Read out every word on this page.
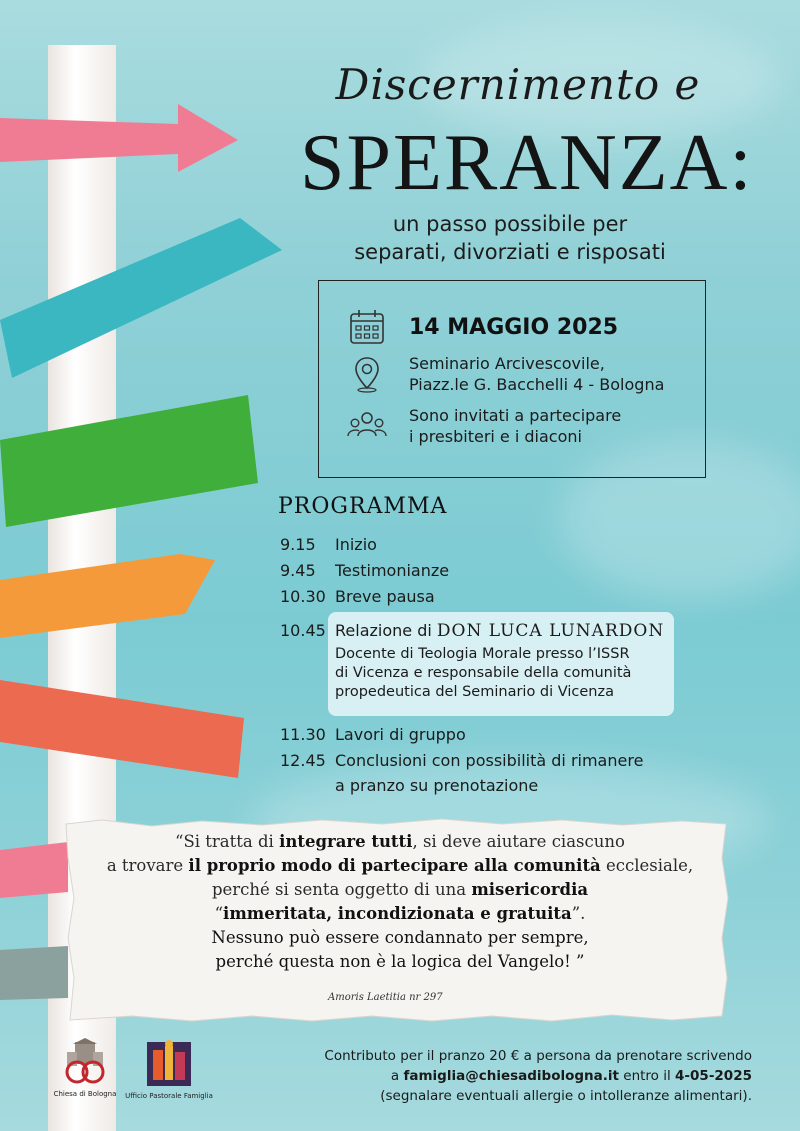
Discernimento e
SPERANZA:
un passo possibile per
separati, divorziati e risposati
14 MAGGIO 2025
Seminario Arcivescovile,
Piazz.le G. Bacchelli 4 - Bologna
Sono invitati a partecipare
i presbiteri e i diaconi
PROGRAMMA
9.15	Inizio
9.45	Testimonianze
10.30 Breve pausa
10.45 Relazione di DON LUCA LUNARDON
Docente di Teologia Morale presso l’ISSR
di Vicenza e responsabile della comunità
propedeutica del Seminario di Vicenza
11.30 Lavori di gruppo
12.45 Conclusioni con possibilità di rimanere
a pranzo su prenotazione
“Si tratta di integrare tutti, si deve aiutare ciascuno
a trovare il proprio modo di partecipare alla comunità ecclesiale,
perché si senta oggetto di una misericordia
“immeritata, incondizionata e gratuita”.
Nessuno può essere condannato per sempre,
perché questa non è la logica del Vangelo! ”
Amoris Laetitia nr 297
Chiesa di Bologna	Ufficio Pastorale Famiglia
Contributo per il pranzo 20 € a persona da prenotare scrivendo
a famiglia@chiesadibologna.it entro il 4-05-2025
(segnalare eventuali allergie o intolleranze alimentari).
